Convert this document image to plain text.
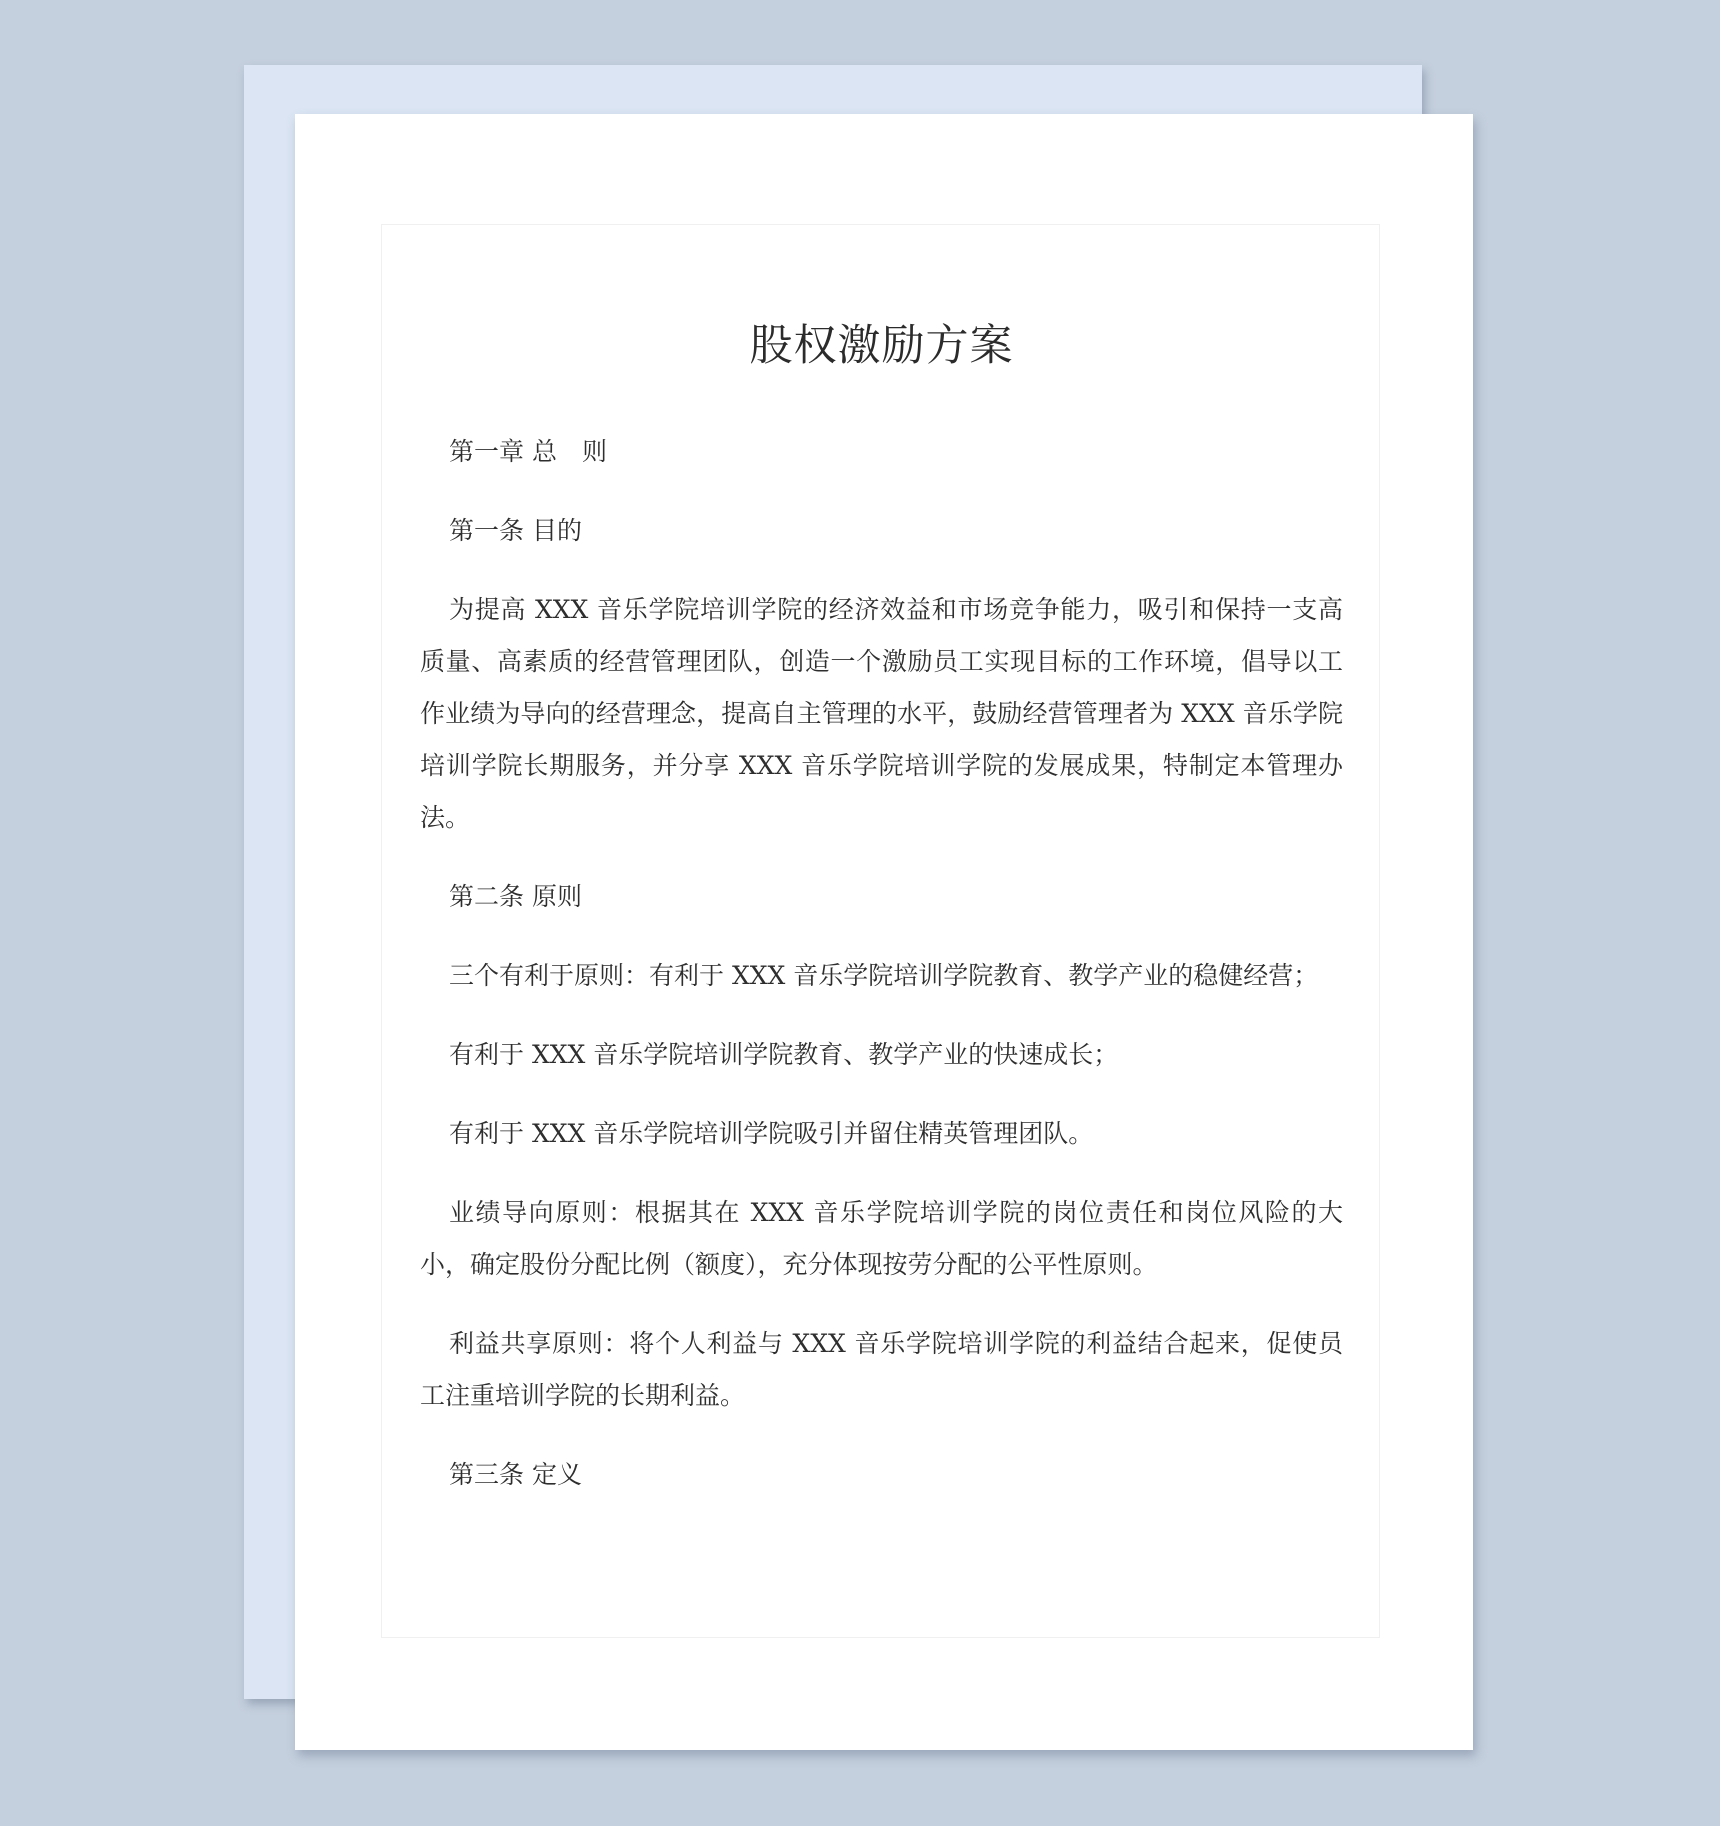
股权激励方案

第一章 总　则

第一条 目的

为提高 XXX 音乐学院培训学院的经济效益和市场竞争能力，吸引和保持一支高质量、高素质的经营管理团队，创造一个激励员工实现目标的工作环境，倡导以工作业绩为导向的经营理念，提高自主管理的水平，鼓励经营管理者为 XXX 音乐学院培训学院长期服务，并分享 XXX 音乐学院培训学院的发展成果，特制定本管理办法。

第二条 原则

三个有利于原则：有利于 XXX 音乐学院培训学院教育、教学产业的稳健经营；

有利于 XXX 音乐学院培训学院教育、教学产业的快速成长；

有利于 XXX 音乐学院培训学院吸引并留住精英管理团队。

业绩导向原则：根据其在 XXX 音乐学院培训学院的岗位责任和岗位风险的大小，确定股份分配比例（额度），充分体现按劳分配的公平性原则。

利益共享原则：将个人利益与 XXX 音乐学院培训学院的利益结合起来，促使员工注重培训学院的长期利益。

第三条 定义
